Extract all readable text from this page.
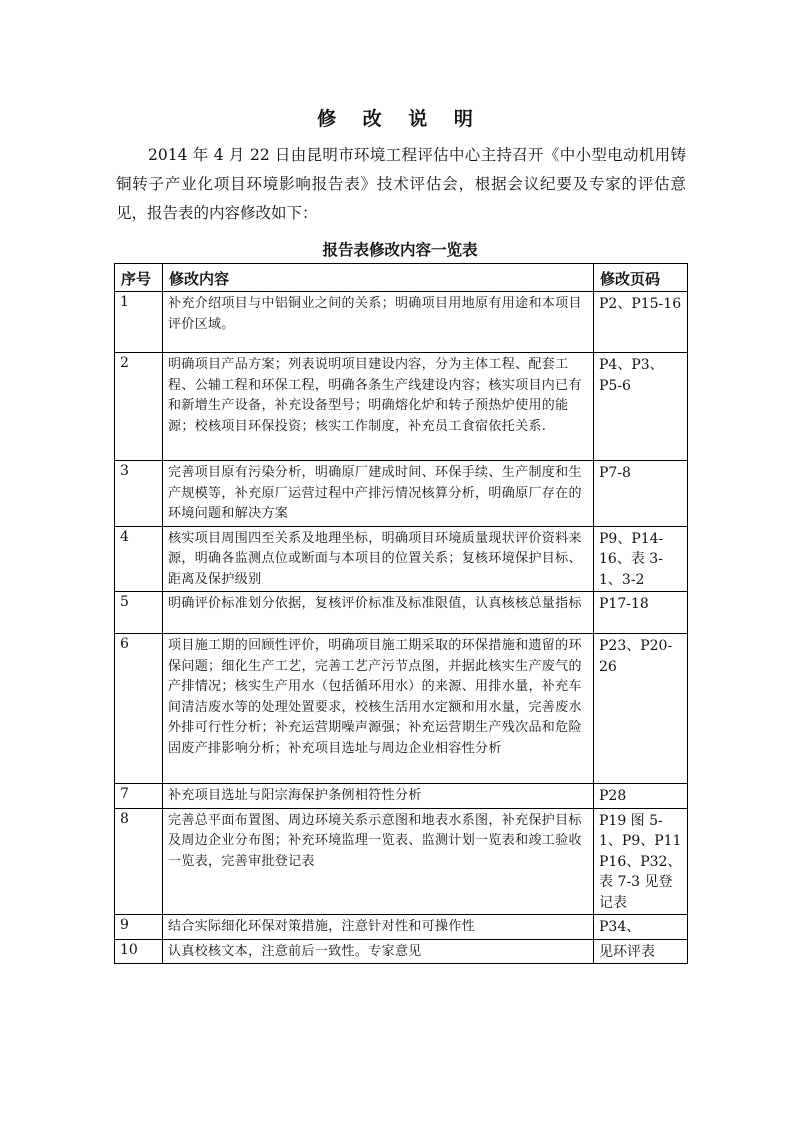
修 改 说 明

2014 年 4 月 22 日由昆明市环境工程评估中心主持召开《中小型电动机用铸铜转子产业化项目环境影响报告表》技术评估会，根据会议纪要及专家的评估意见，报告表的内容修改如下：

报告表修改内容一览表
序号	修改内容	修改页码
1	补充介绍项目与中铝铜业之间的关系；明确项目用地原有用途和本项目评价区域。	P2、P15-16
2	明确项目产品方案；列表说明项目建设内容，分为主体工程、配套工程、公辅工程和环保工程，明确各条生产线建设内容；核实项目内已有和新增生产设备，补充设备型号；明确熔化炉和转子预热炉使用的能源；校核项目环保投资；核实工作制度，补充员工食宿依托关系.	P4、P3、P5-6
3	完善项目原有污染分析，明确原厂建成时间、环保手续、生产制度和生产规模等，补充原厂运营过程中产排污情况核算分析，明确原厂存在的环境问题和解决方案	P7-8
4	核实项目周围四至关系及地理坐标，明确项目环境质量现状评价资料来源，明确各监测点位或断面与本项目的位置关系；复核环境保护目标、距离及保护级别	P9、P14-16、表 3-1、3-2
5	明确评价标准划分依据，复核评价标准及标准限值，认真核核总量指标	P17-18
6	项目施工期的回顾性评价，明确项目施工期采取的环保措施和遗留的环保问题；细化生产工艺，完善工艺产污节点图，并据此核实生产废气的产排情况；核实生产用水（包括循环用水）的来源、用排水量，补充车间清洁废水等的处理处置要求，校核生活用水定额和用水量，完善废水外排可行性分析；补充运营期噪声源强；补充运营期生产残次品和危险固废产排影响分析；补充项目选址与周边企业相容性分析	P23、P20-26
7	补充项目选址与阳宗海保护条例相符性分析	P28
8	完善总平面布置图、周边环境关系示意图和地表水系图，补充保护目标及周边企业分布图；补充环境监理一览表、监测计划一览表和竣工验收一览表，完善审批登记表	P19 图 5-1、P9、P11 P16、P32、表 7-3 见登记表
9	结合实际细化环保对策措施，注意针对性和可操作性	P34、
10	认真校核文本，注意前后一致性。专家意见	见环评表
